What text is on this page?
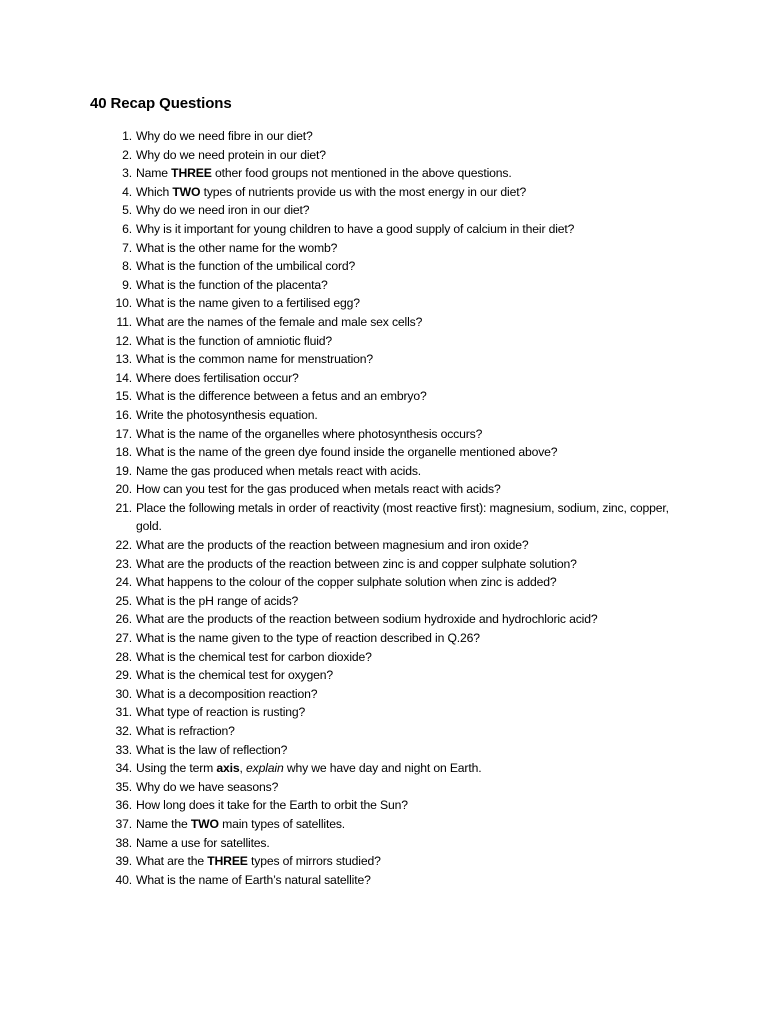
40 Recap Questions
1. Why do we need fibre in our diet?
2. Why do we need protein in our diet?
3. Name THREE other food groups not mentioned in the above questions.
4. Which TWO types of nutrients provide us with the most energy in our diet?
5. Why do we need iron in our diet?
6. Why is it important for young children to have a good supply of calcium in their diet?
7. What is the other name for the womb?
8. What is the function of the umbilical cord?
9. What is the function of the placenta?
10. What is the name given to a fertilised egg?
11. What are the names of the female and male sex cells?
12. What is the function of amniotic fluid?
13. What is the common name for menstruation?
14. Where does fertilisation occur?
15. What is the difference between a fetus and an embryo?
16. Write the photosynthesis equation.
17. What is the name of the organelles where photosynthesis occurs?
18. What is the name of the green dye found inside the organelle mentioned above?
19. Name the gas produced when metals react with acids.
20. How can you test for the gas produced when metals react with acids?
21. Place the following metals in order of reactivity (most reactive first): magnesium, sodium, zinc, copper, gold.
22. What are the products of the reaction between magnesium and iron oxide?
23. What are the products of the reaction between zinc is and copper sulphate solution?
24. What happens to the colour of the copper sulphate solution when zinc is added?
25. What is the pH range of acids?
26. What are the products of the reaction between sodium hydroxide and hydrochloric acid?
27. What is the name given to the type of reaction described in Q.26?
28. What is the chemical test for carbon dioxide?
29. What is the chemical test for oxygen?
30. What is a decomposition reaction?
31. What type of reaction is rusting?
32. What is refraction?
33. What is the law of reflection?
34. Using the term axis, explain why we have day and night on Earth.
35. Why do we have seasons?
36. How long does it take for the Earth to orbit the Sun?
37. Name the TWO main types of satellites.
38. Name a use for satellites.
39. What are the THREE types of mirrors studied?
40. What is the name of Earth’s natural satellite?
